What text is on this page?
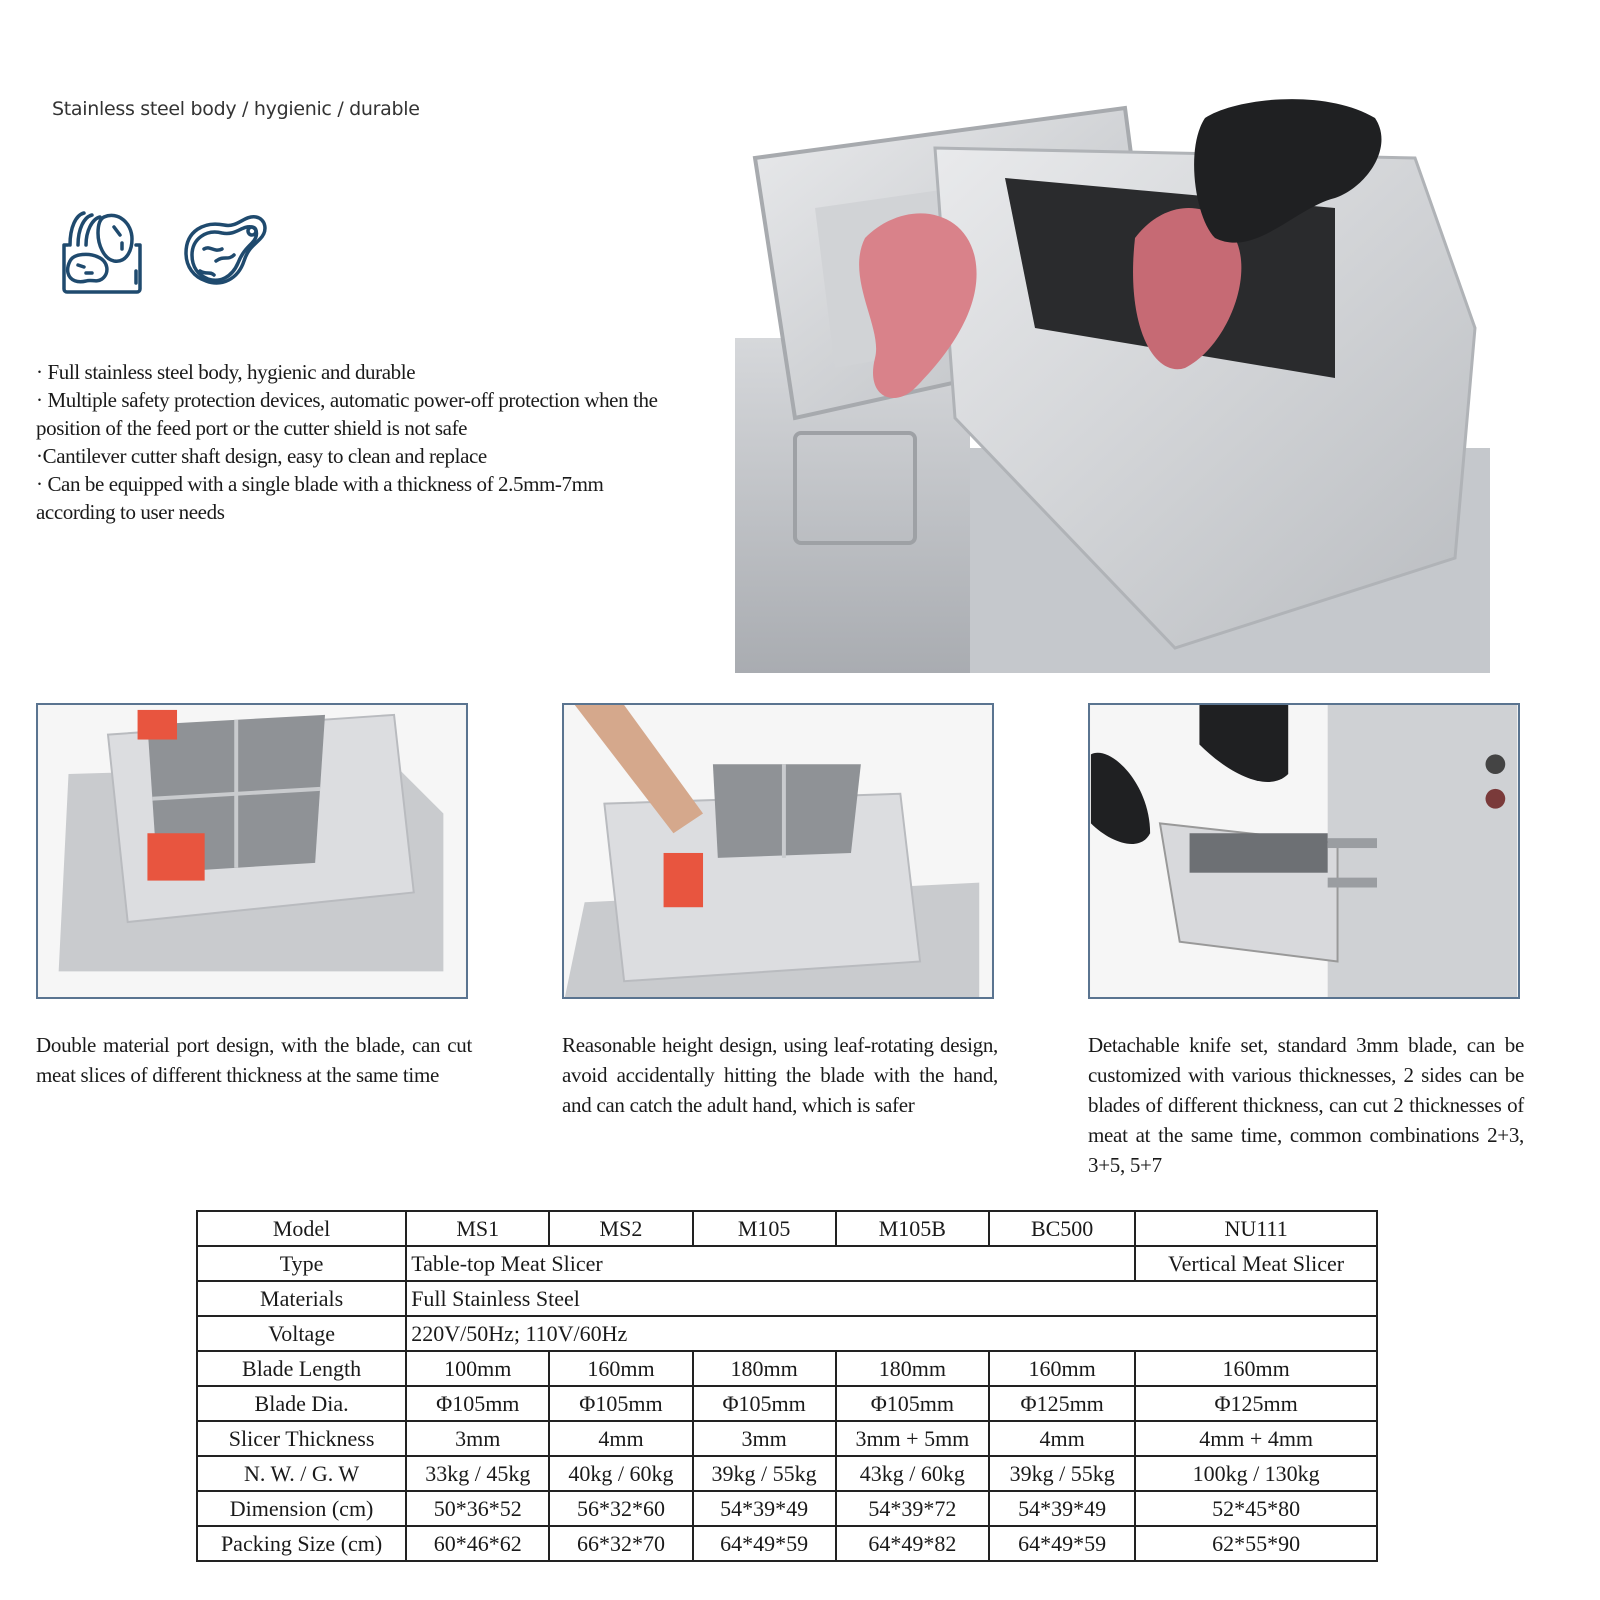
Stainless steel body / hygienic / durable

· Full stainless steel body, hygienic and durable

· Multiple safety protection devices, automatic power-off protection when the position of the feed port or the cutter shield is not safe

·Cantilever cutter shaft design, easy to clean and replace

· Can be equipped with a single blade with a thickness of 2.5mm-7mm according to user needs

Double material port design, with the blade, can cut meat slices of different thickness at the same time
Reasonable height design, using leaf-rotating design, avoid accidentally hitting the blade with the hand, and can catch the adult hand, which is safer
Detachable knife set, standard 3mm blade, can be customized with various thicknesses, 2 sides can be blades of different thickness, can cut 2 thicknesses of meat at the same time, common combinations 2+3, 3+5, 5+7
Model	MS1	MS2	M105	M105B	BC500	NU111
Type	Table-top Meat Slicer					Vertical Meat Slicer
Materials	Full Stainless Steel					
Voltage	220V/50Hz; 110V/60Hz					
Blade Length	100mm	160mm	180mm	180mm	160mm	160mm
Blade Dia.	Φ105mm	Φ105mm	Φ105mm	Φ105mm	Φ125mm	Φ125mm
Slicer Thickness	3mm	4mm	3mm	3mm + 5mm	4mm	4mm + 4mm
N. W. / G. W	33kg / 45kg	40kg / 60kg	39kg / 55kg	43kg / 60kg	39kg / 55kg	100kg / 130kg
Dimension (cm)	50*36*52	56*32*60	54*39*49	54*39*72	54*39*49	52*45*80
Packing Size (cm)	60*46*62	66*32*70	64*49*59	64*49*82	64*49*59	62*55*90
